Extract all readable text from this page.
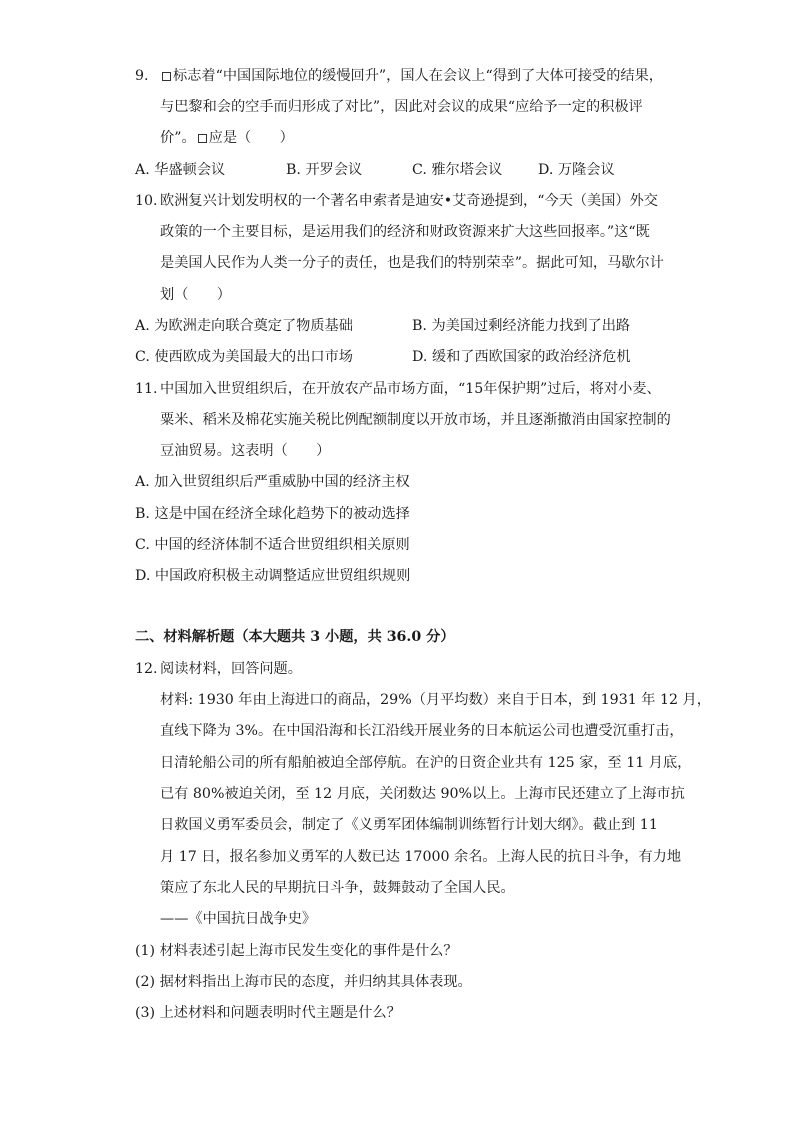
9.	标志着“中国国际地位的缓慢回升”，国人在会议上“得到了大体可接受的结果，
与巴黎和会的空手而归形成了对比”，因此对会议的成果“应给予一定的积极评
价”。 应是（　　）
A. 华盛顿会议	B. 开罗会议	C. 雅尔塔会议	D. 万隆会议
10. 欧洲复兴计划发明权的一个著名申索者是迪安•艾奇逊提到，“今天（美国）外交
政策的一个主要目标，是运用我们的经济和财政资源来扩大这些回报率。”这“既
是美国人民作为人类一分子的责任，也是我们的特别荣幸”。据此可知，马歇尔计
划（　　）
A. 为欧洲走向联合奠定了物质基础	B. 为美国过剩经济能力找到了出路
C. 使西欧成为美国最大的出口市场	D. 缓和了西欧国家的政治经济危机
11. 中国加入世贸组织后，在开放农产品市场方面，“15年保护期”过后，将对小麦、
粟米、稻米及棉花实施关税比例配额制度以开放市场，并且逐渐撤消由国家控制的
豆油贸易。这表明（　　）
A. 加入世贸组织后严重威胁中国的经济主权
B. 这是中国在经济全球化趋势下的被动选择
C. 中国的经济体制不适合世贸组织相关原则
D. 中国政府积极主动调整适应世贸组织规则
二、材料解析题（本大题共 3 小题，共 36.0 分）
12. 阅读材料，回答问题。
材料: 1930 年由上海进口的商品，29%（月平均数）来自于日本，到 1931 年 12 月，
直线下降为 3%。在中国沿海和长江沿线开展业务的日本航运公司也遭受沉重打击，
日清轮船公司的所有船舶被迫全部停航。在沪的日资企业共有 125 家，至 11 月底，
已有 80%被迫关闭，至 12 月底，关闭数达 90%以上。上海市民还建立了上海市抗
日救国义勇军委员会，制定了《义勇军团体编制训练暂行计划大纲》。截止到 11
月 17 日，报名参加义勇军的人数已达 17000 余名。上海人民的抗日斗争，有力地
策应了东北人民的早期抗日斗争，鼓舞鼓动了全国人民。
——《中国抗日战争史》
(1) 材料表述引起上海市民发生变化的事件是什么？
(2) 据材料指出上海市民的态度，并归纳其具体表现。
(3) 上述材料和问题表明时代主题是什么？
